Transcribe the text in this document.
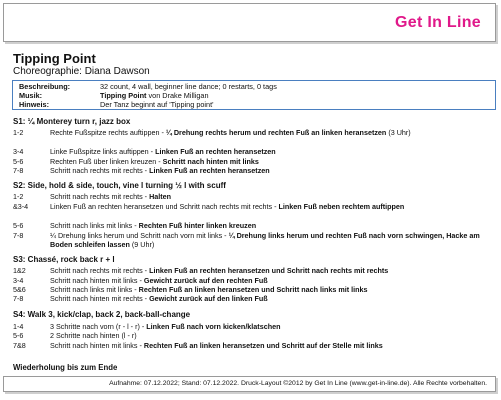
Get In Line
Tipping Point
Choreographie: Diana Dawson
Beschreibung:	32 count, 4 wall, beginner line dance; 0 restarts, 0 tags
Musik:	Tipping Point von Drake Milligan
Hinweis:	Der Tanz beginnt auf 'Tipping point'
S1: ¼ Monterey turn r, jazz box
1-2	Rechte Fußspitze rechts auftippen - ¼ Drehung rechts herum und rechten Fuß an linken heransetzen (3 Uhr)
3-4	Linke Fußspitze links auftippen - Linken Fuß an rechten heransetzen
5-6	Rechten Fuß über linken kreuzen - Schritt nach hinten mit links
7-8	Schritt nach rechts mit rechts - Linken Fuß an rechten heransetzen
S2: Side, hold & side, touch, vine l turning ½ l with scuff
1-2	Schritt nach rechts mit rechts - Halten
&3-4	Linken Fuß an rechten heransetzen und Schritt nach rechts mit rechts - Linken Fuß neben rechtem auftippen
5-6	Schritt nach links mit links - Rechten Fuß hinter linken kreuzen
7-8	¼ Drehung links herum und Schritt nach vorn mit links - ¼ Drehung links herum und rechten Fuß nach vorn schwingen, Hacke am Boden schleifen lassen (9 Uhr)
S3: Chassé, rock back r + l
1&2	Schritt nach rechts mit rechts - Linken Fuß an rechten heransetzen und Schritt nach rechts mit rechts
3-4	Schritt nach hinten mit links - Gewicht zurück auf den rechten Fuß
5&6	Schritt nach links mit links - Rechten Fuß an linken heransetzen und Schritt nach links mit links
7-8	Schritt nach hinten mit rechts - Gewicht zurück auf den linken Fuß
S4: Walk 3, kick/clap, back 2, back-ball-change
1-4	3 Schritte nach vorn (r - l - r) - Linken Fuß nach vorn kicken/klatschen
5-6	2 Schritte nach hinten (l - r)
7&8	Schritt nach hinten mit links - Rechten Fuß an linken heransetzen und Schritt auf der Stelle mit links
Wiederholung bis zum Ende
Aufnahme: 07.12.2022; Stand: 07.12.2022. Druck-Layout ©2012 by Get In Line (www.get-in-line.de). Alle Rechte vorbehalten.
